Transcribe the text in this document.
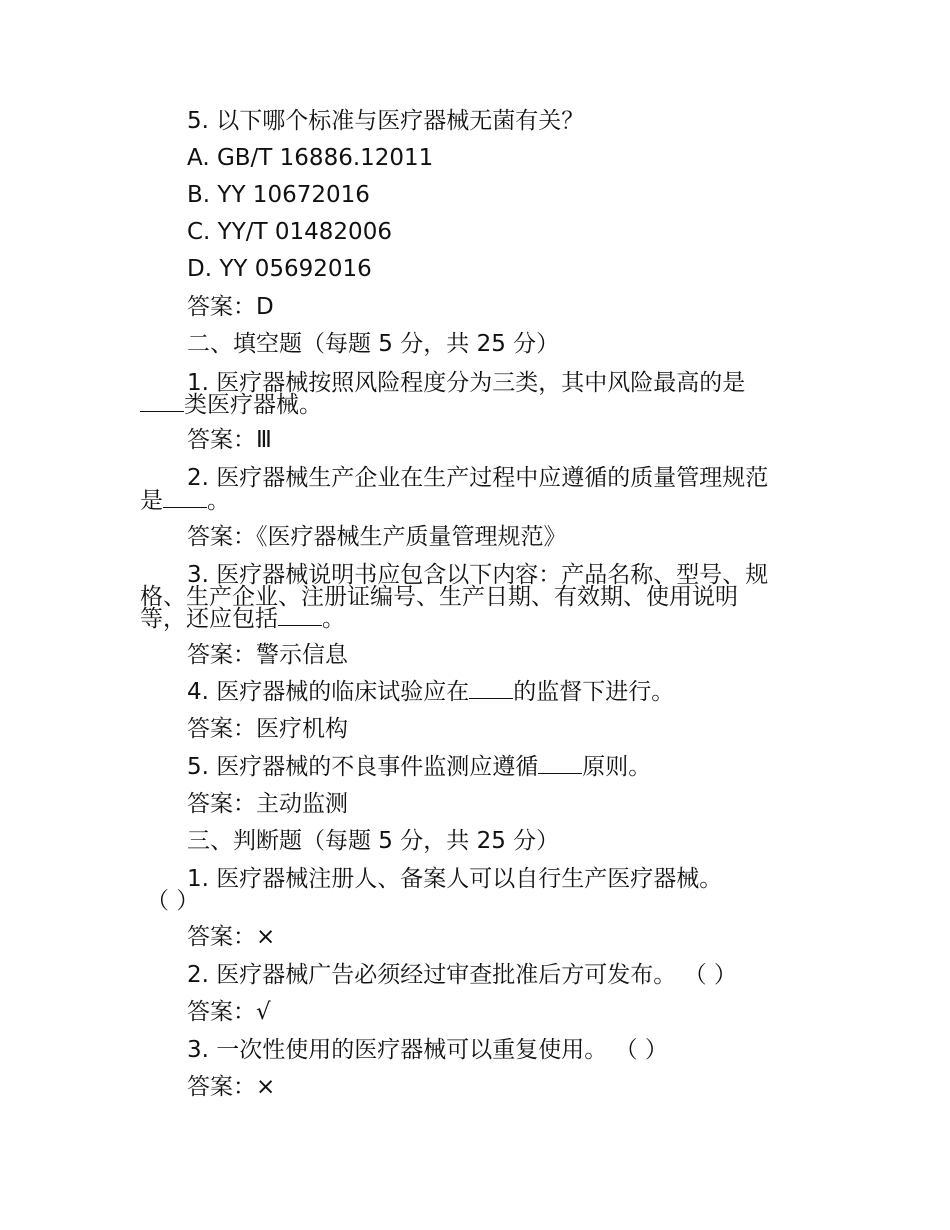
5. 以下哪个标准与医疗器械无菌有关？
A. GB/T 16886.12011
B. YY 10672016
C. YY/T 01482006
D. YY 05692016
答案：D
二、填空题（每题 5 分，共 25 分）
1. 医疗器械按照风险程度分为三类，其中风险最高的是
类医疗器械。
答案：Ⅲ
2. 医疗器械生产企业在生产过程中应遵循的质量管理规范
是 。
答案：《医疗器械生产质量管理规范》
3. 医疗器械说明书应包含以下内容：产品名称、型号、规
格、生产企业、注册证编号、生产日期、有效期、使用说明
等，还应包括 。
答案：警示信息
4. 医疗器械的临床试验应在 的监督下进行。
答案：医疗机构
5. 医疗器械的不良事件监测应遵循 原则。
答案：主动监测
三、判断题（每题 5 分，共 25 分）
1. 医疗器械注册人、备案人可以自行生产医疗器械。
（ ）
答案：×
2. 医疗器械广告必须经过审查批准后方可发布。 （ ）
答案：√
3. 一次性使用的医疗器械可以重复使用。 （ ）
答案：×
